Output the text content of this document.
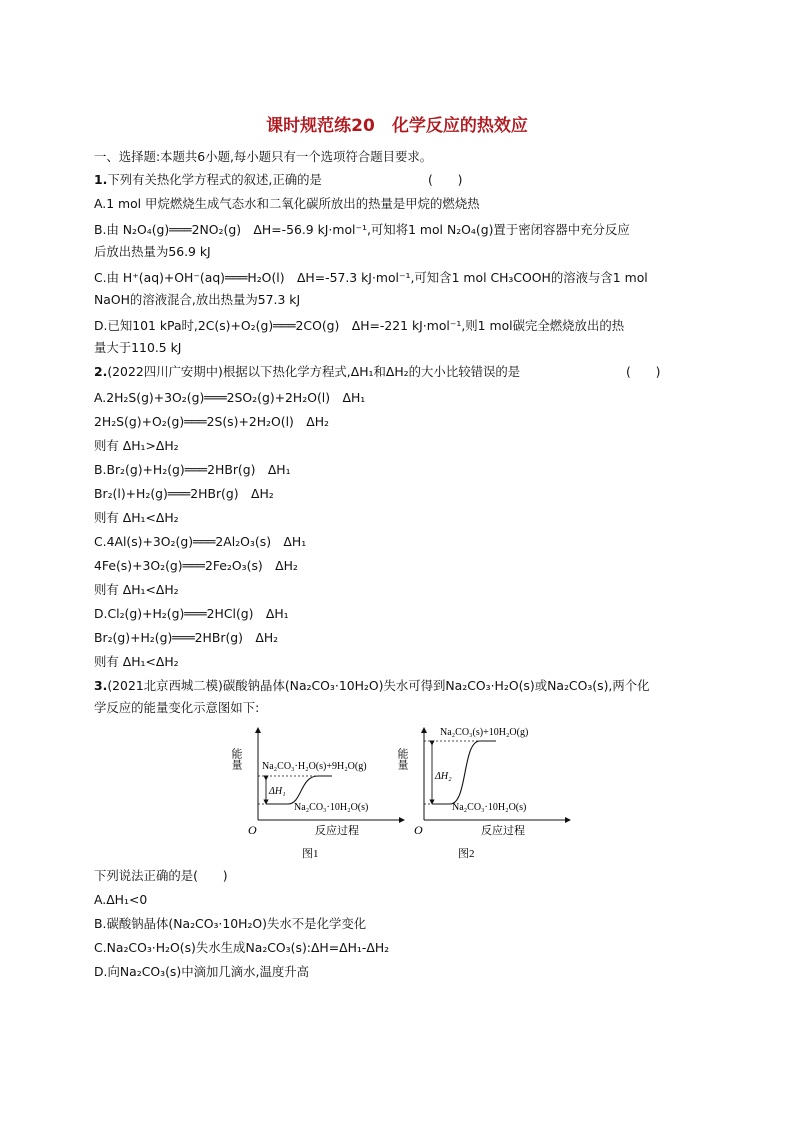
课时规范练20　化学反应的热效应
一、选择题:本题共6小题,每小题只有一个选项符合题目要求。
1.下列有关热化学方程式的叙述,正确的是	(　　)
A.1 mol 甲烷燃烧生成气态水和二氧化碳所放出的热量是甲烷的燃烧热
B.由 N₂O₄(g)═══2NO₂(g)　ΔH=-56.9 kJ·mol⁻¹,可知将1 mol N₂O₄(g)置于密闭容器中充分反应
后放出热量为56.9 kJ
C.由 H⁺(aq)+OH⁻(aq)═══H₂O(l)　ΔH=-57.3 kJ·mol⁻¹,可知含1 mol CH₃COOH的溶液与含1 mol
NaOH的溶液混合,放出热量为57.3 kJ
D.已知101 kPa时,2C(s)+O₂(g)═══2CO(g)　ΔH=-221 kJ·mol⁻¹,则1 mol碳完全燃烧放出的热
量大于110.5 kJ
2.(2022四川广安期中)根据以下热化学方程式,ΔH₁和ΔH₂的大小比较错误的是	(　　)
A.2H₂S(g)+3O₂(g)═══2SO₂(g)+2H₂O(l)　ΔH₁
2H₂S(g)+O₂(g)═══2S(s)+2H₂O(l)　ΔH₂
则有 ΔH₁>ΔH₂
B.Br₂(g)+H₂(g)═══2HBr(g)　ΔH₁
Br₂(l)+H₂(g)═══2HBr(g)　ΔH₂
则有 ΔH₁<ΔH₂
C.4Al(s)+3O₂(g)═══2Al₂O₃(s)　ΔH₁
4Fe(s)+3O₂(g)═══2Fe₂O₃(s)　ΔH₂
则有 ΔH₁<ΔH₂
D.Cl₂(g)+H₂(g)═══2HCl(g)　ΔH₁
Br₂(g)+H₂(g)═══2HBr(g)　ΔH₂
则有 ΔH₁<ΔH₂
3.(2021北京西城二模)碳酸钠晶体(Na₂CO₃·10H₂O)失水可得到Na₂CO₃·H₂O(s)或Na₂CO₃(s),两个化
学反应的能量变化示意图如下:
能量
O	反应过程
ΔH₁
Na₂CO₃·H₂O(s)+9H₂O(g)
Na₂CO₃·10H₂O(s)
图1
能量
O	反应过程
ΔH₂
Na₂CO₃(s)+10H₂O(g)
Na₂CO₃·10H₂O(s)
图2
下列说法正确的是(　　)
A.ΔH₁<0
B.碳酸钠晶体(Na₂CO₃·10H₂O)失水不是化学变化
C.Na₂CO₃·H₂O(s)失水生成Na₂CO₃(s):ΔH=ΔH₁-ΔH₂
D.向Na₂CO₃(s)中滴加几滴水,温度升高
